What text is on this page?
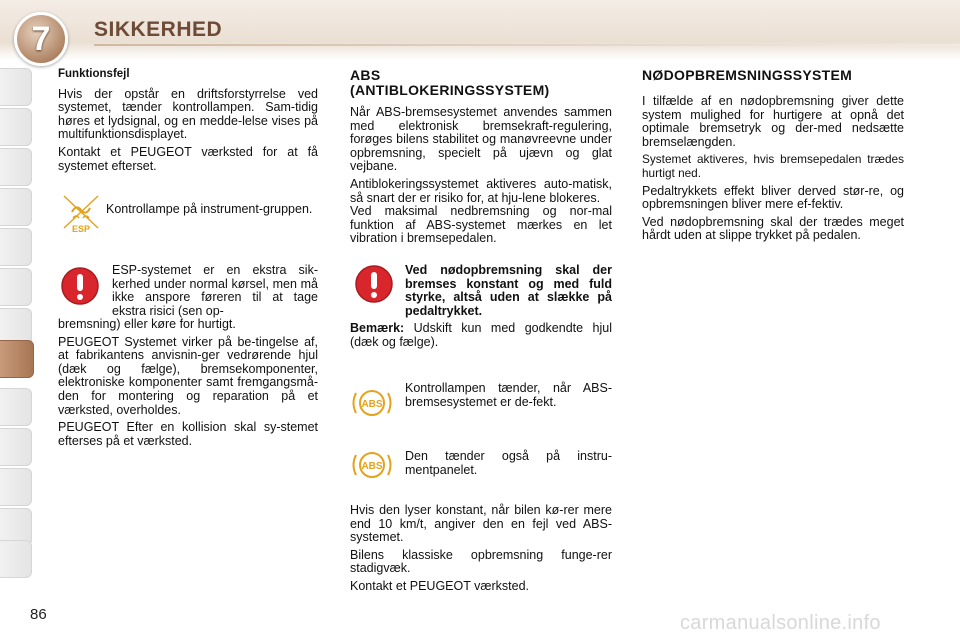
7	SIKKERHED
Funktionsfejl

Hvis der opstår en driftsforstyrrelse ved systemet, tænder kontrollampen. Sam-tidig høres et lydsignal, og en medde-lelse vises på multifunktionsdisplayet.

Kontakt et PEUGEOT værksted for at få systemet efterset.

ESP
Kontrollampe på instrument-gruppen.
ESP-systemet er en ekstra sik-kerhed under normal kørsel, men må ikke anspore føreren til at tage ekstra risici (sen op-

bremsning) eller køre for hurtigt.

PEUGEOT Systemet virker på be-tingelse af, at fabrikantens anvisnin-ger vedrørende hjul (dæk og fælge), bremsekomponenter, elektroniske komponenter samt fremgangsmå-den for montering og reparation på et værksted, overholdes.

PEUGEOT Efter en kollision skal sy-stemet efterses på et værksted.

ABS
(ANTIBLOKERINGSSYSTEM)

Når ABS-bremsesystemet anvendes sammen med elektronisk bremsekraft-regulering, forøges bilens stabilitet og manøvreevne under opbremsning, specielt på ujævn og glat vejbane.

Antiblokeringssystemet aktiveres auto-matisk, så snart der er risiko for, at hju-lene blokeres.

Ved maksimal nedbremsning og nor-mal funktion af ABS-systemet mærkes en let vibration i bremsepedalen.

Ved nødopbremsning skal der bremses konstant og med fuld styrke, altså uden at slække på pedaltrykket.
Bemærk: Udskift kun med godkendte hjul (dæk og fælge).
ABS
Kontrollampen tænder, når ABS-bremsesystemet er de-fekt.
ABS
Den tænder også på instru-mentpanelet.

Hvis den lyser konstant, når bilen kø-rer mere end 10 km/t, angiver den en fejl ved ABS-systemet.

Bilens klassiske opbremsning funge-rer stadigvæk.

Kontakt et PEUGEOT værksted.

NØDOPBREMSNINGSSYSTEM

I tilfælde af en nødopbremsning giver dette system mulighed for hurtigere at opnå det optimale bremsetryk og der-med nedsætte bremselængden.

Systemet aktiveres, hvis bremsepedalen trædes hurtigt ned.

Pedaltrykkets effekt bliver derved stør-re, og opbremsningen bliver mere ef-fektiv.

Ved nødopbremsning skal der trædes meget hårdt uden at slippe trykket på pedalen.

86	carmanualsonline.info
